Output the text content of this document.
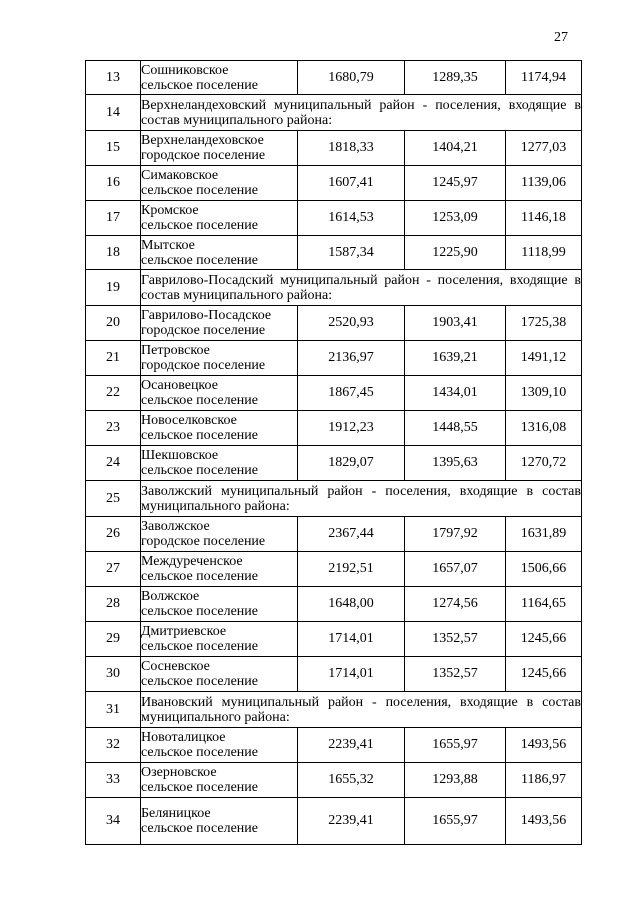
27
13	Сошниковское
сельское поселение	1680,79	1289,35	1174,94
14	Верхнеландеховский муниципальный район - поселения, входящие в состав муниципального района:			

15	Верхнеландеховское
городское поселение	1818,33	1404,21	1277,03
16	Симаковское
сельское поселение	1607,41	1245,97	1139,06
17	Кромское
сельское поселение	1614,53	1253,09	1146,18
18	Мытское
сельское поселение	1587,34	1225,90	1118,99
19	Гаврилово-Посадский муниципальный район - поселения, входящие в состав муниципального района:			

20	Гаврилово-Посадское
городское поселение	2520,93	1903,41	1725,38
21	Петровское
городское поселение	2136,97	1639,21	1491,12
22	Осановецкое
сельское поселение	1867,45	1434,01	1309,10
23	Новоселковское
сельское поселение	1912,23	1448,55	1316,08
24	Шекшовское
сельское поселение	1829,07	1395,63	1270,72
25	Заволжский муниципальный район - поселения, входящие в состав муниципального района:			

26	Заволжское
городское поселение	2367,44	1797,92	1631,89
27	Междуреченское
сельское поселение	2192,51	1657,07	1506,66
28	Волжское
сельское поселение	1648,00	1274,56	1164,65
29	Дмитриевское
сельское поселение	1714,01	1352,57	1245,66
30	Сосневское
сельское поселение	1714,01	1352,57	1245,66
31	Ивановский муниципальный район - поселения, входящие в состав муниципального района:			

32	Новоталицкое
сельское поселение	2239,41	1655,97	1493,56
33	Озерновское
сельское поселение	1655,32	1293,88	1186,97
34	Беляницкое
сельское поселение	2239,41	1655,97	1493,56
